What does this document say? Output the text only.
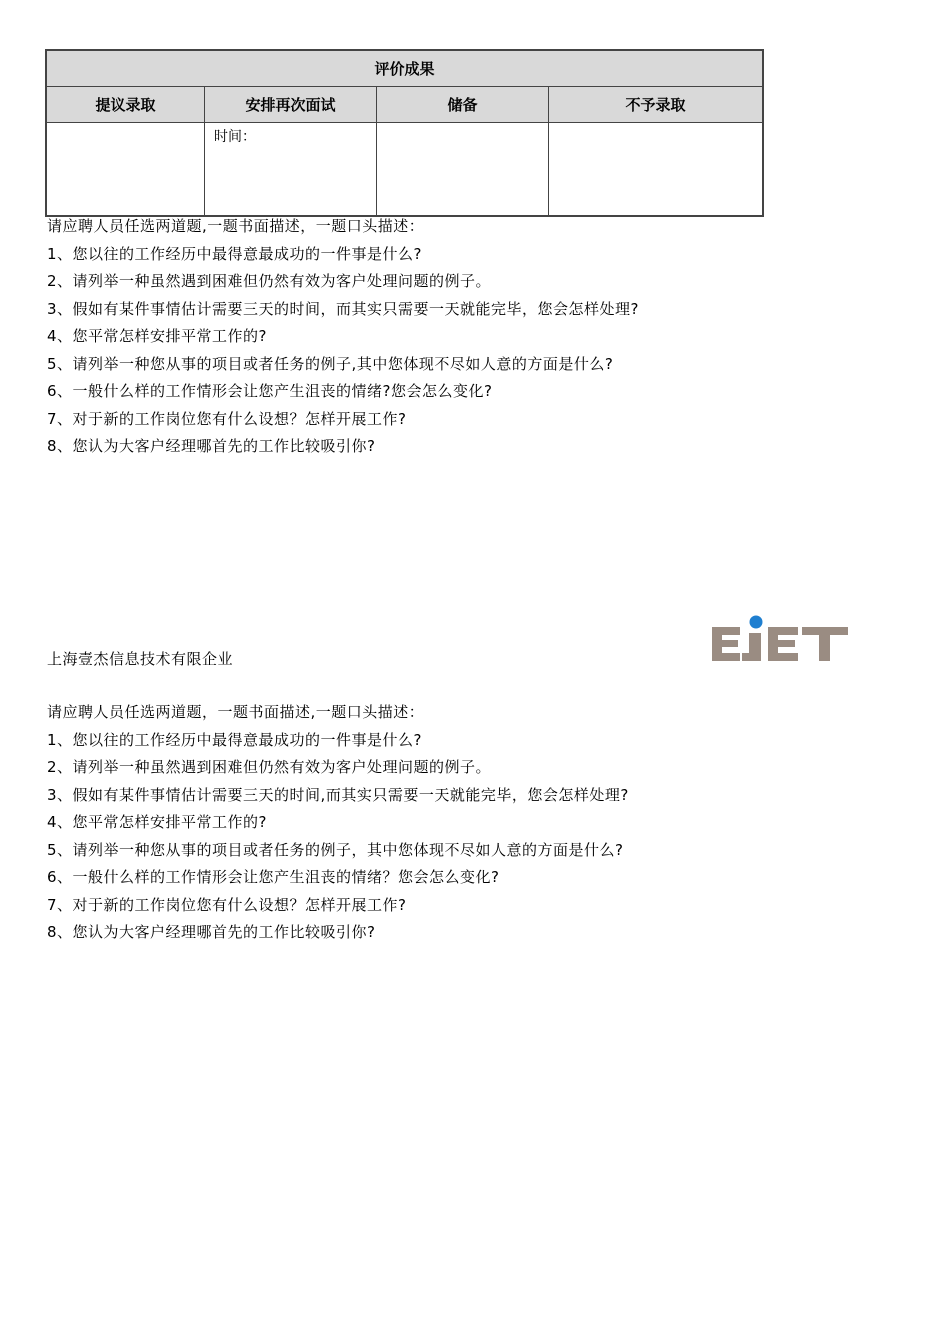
评价成果			
提议录取	安排再次面试	储备	不予录取

	时间：		

请应聘人员任选两道题,一题书面描述，一题口头描述：
1、您以往的工作经历中最得意最成功的一件事是什么?
2、请列举一种虽然遇到困难但仍然有效为客户处理问题的例子。
3、假如有某件事情估计需要三天的时间，而其实只需要一天就能完毕，您会怎样处理?
4、您平常怎样安排平常工作的?
5、请列举一种您从事的项目或者任务的例子,其中您体现不尽如人意的方面是什么?
6、一般什么样的工作情形会让您产生沮丧的情绪?您会怎么变化?
7、对于新的工作岗位您有什么设想？怎样开展工作?
8、您认为大客户经理哪首先的工作比较吸引你?
上海壹杰信息技术有限企业
请应聘人员任选两道题，一题书面描述,一题口头描述：
1、您以往的工作经历中最得意最成功的一件事是什么?
2、请列举一种虽然遇到困难但仍然有效为客户处理问题的例子。
3、假如有某件事情估计需要三天的时间,而其实只需要一天就能完毕，您会怎样处理?
4、您平常怎样安排平常工作的?
5、请列举一种您从事的项目或者任务的例子，其中您体现不尽如人意的方面是什么?
6、一般什么样的工作情形会让您产生沮丧的情绪？您会怎么变化?
7、对于新的工作岗位您有什么设想？怎样开展工作?
8、您认为大客户经理哪首先的工作比较吸引你?
